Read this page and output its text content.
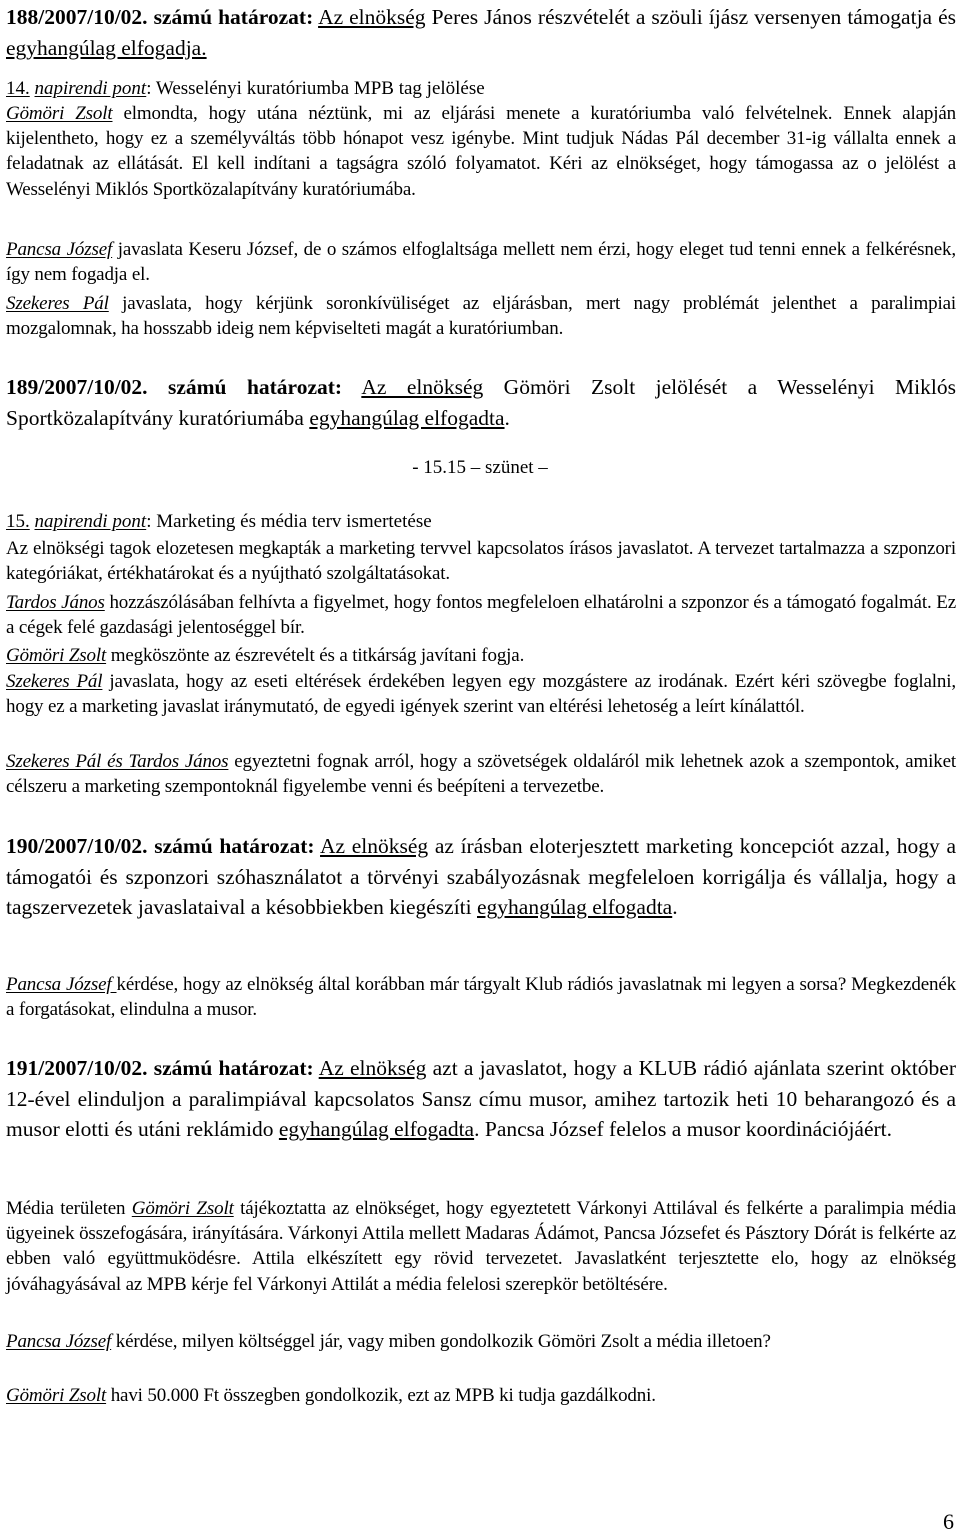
188/2007/10/02. számú határozat: Az elnökség Peres János részvételét a szöuli íjász versenyen támogatja és egyhangúlag elfogadja.

14. napirendi pont: Wesselényi kuratóriumba MPB tag jelölése

Gömöri Zsolt elmondta, hogy utána néztünk, mi az eljárási menete a kuratóriumba való felvételnek. Ennek alapján kijelentheto, hogy ez a személyváltás több hónapot vesz igénybe. Mint tudjuk Nádas Pál december 31-ig vállalta ennek a feladatnak az ellátását. El kell indítani a tagságra szóló folyamatot. Kéri az elnökséget, hogy támogassa az o jelölést a Wesselényi Miklós Sportközalapítvány kuratóriumába.

Pancsa József javaslata Keseru József, de o számos elfoglaltsága mellett nem érzi, hogy eleget tud tenni ennek a felkérésnek, így nem fogadja el.

Szekeres Pál javaslata, hogy kérjünk soronkívüliséget az eljárásban, mert nagy problémát jelenthet a paralimpiai mozgalomnak, ha hosszabb ideig nem képviselteti magát a kuratóriumban.

189/2007/10/02. számú határozat: Az elnökség Gömöri Zsolt jelölését a Wesselényi Miklós Sportközalapítvány kuratóriumába egyhangúlag elfogadta.

- 15.15 – szünet –

15. napirendi pont: Marketing és média terv ismertetése

Az elnökségi tagok elozetesen megkapták a marketing tervvel kapcsolatos írásos javaslatot. A tervezet tartalmazza a szponzori kategóriákat, értékhatárokat és a nyújtható szolgáltatásokat.

Tardos János hozzászólásában felhívta a figyelmet, hogy fontos megfeleloen elhatárolni a szponzor és a támogató fogalmát. Ez a cégek felé gazdasági jelentoséggel bír.

Gömöri Zsolt megköszönte az észrevételt és a titkárság javítani fogja.

Szekeres Pál javaslata, hogy az eseti eltérések érdekében legyen egy mozgástere az irodának. Ezért kéri szövegbe foglalni, hogy ez a marketing javaslat iránymutató, de egyedi igények szerint van eltérési lehetoség a leírt kínálattól.

Szekeres Pál és Tardos János egyeztetni fognak arról, hogy a szövetségek oldaláról mik lehetnek azok a szempontok, amiket célszeru a marketing szempontoknál figyelembe venni és beépíteni a tervezetbe.

190/2007/10/02. számú határozat: Az elnökség az írásban eloterjesztett marketing koncepciót azzal, hogy a támogatói és szponzori szóhasználatot a törvényi szabályozásnak megfeleloen korrigálja és vállalja, hogy a tagszervezetek javaslataival a késobbiekben kiegészíti egyhangúlag elfogadta.

Pancsa József kérdése, hogy az elnökség által korábban már tárgyalt Klub rádiós javaslatnak mi legyen a sorsa? Megkezdenék a forgatásokat, elindulna a musor.

191/2007/10/02. számú határozat: Az elnökség azt a javaslatot, hogy a KLUB rádió ajánlata szerint október 12-ével elinduljon a paralimpiával kapcsolatos Sansz címu musor, amihez tartozik heti 10 beharangozó és a musor elotti és utáni reklámido egyhangúlag elfogadta. Pancsa József felelos a musor koordinációjáért.

Média területen Gömöri Zsolt tájékoztatta az elnökséget, hogy egyeztetett Várkonyi Attilával és felkérte a paralimpia média ügyeinek összefogására, irányítására. Várkonyi Attila mellett Madaras Ádámot, Pancsa Józsefet és Pásztory Dórát is felkérte az ebben való együttmuködésre. Attila elkészített egy rövid tervezetet. Javaslatként terjesztette elo, hogy az elnökség jóváhagyásával az MPB kérje fel Várkonyi Attilát a média felelosi szerepkör betöltésére.

Pancsa József kérdése, milyen költséggel jár, vagy miben gondolkozik Gömöri Zsolt a média illetoen?

Gömöri Zsolt havi 50.000 Ft összegben gondolkozik, ezt az MPB ki tudja gazdálkodni.

6
